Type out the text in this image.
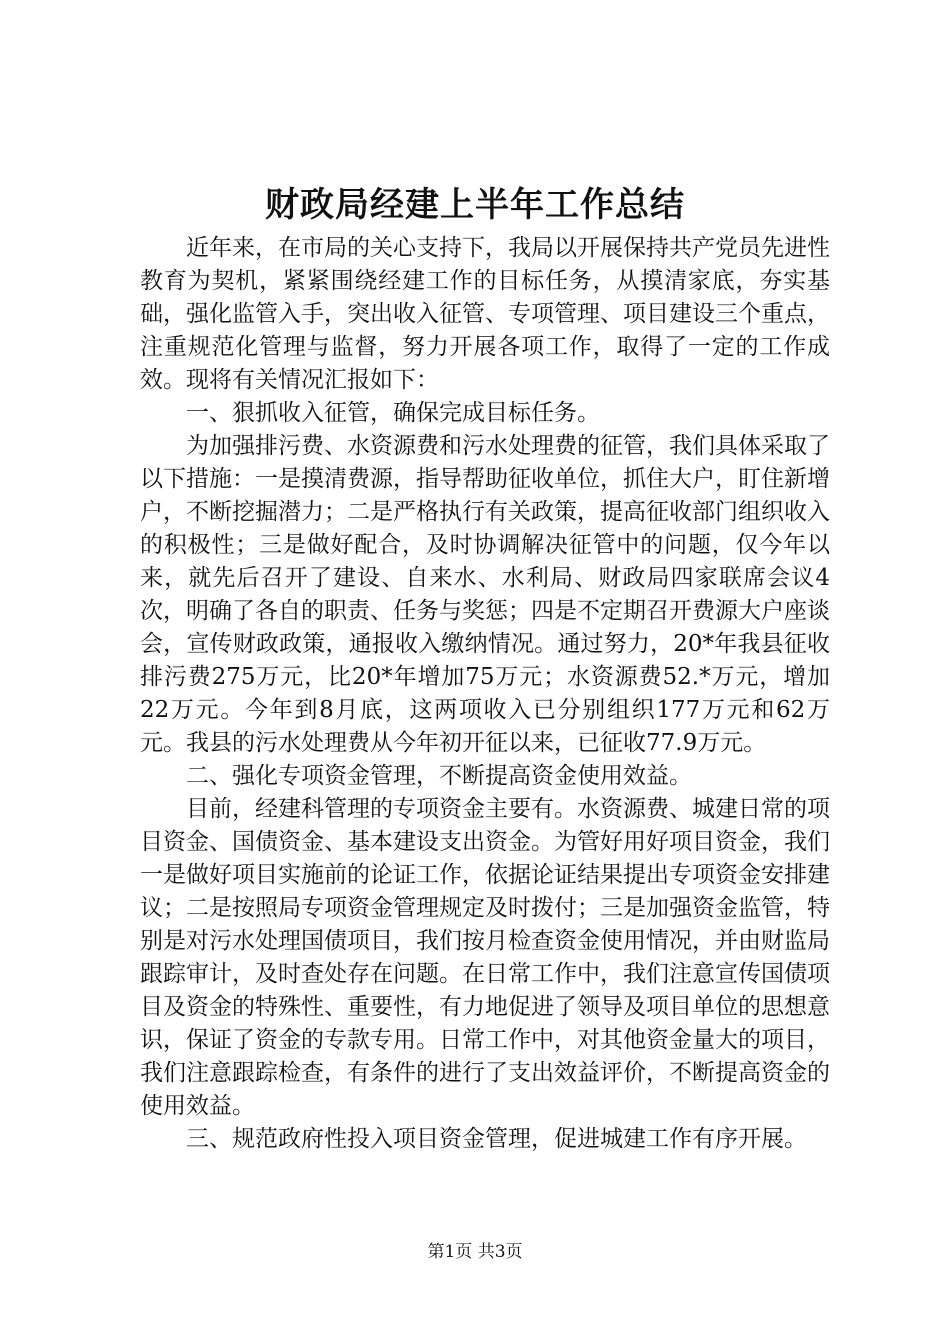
财政局经建上半年工作总结

近年来，在市局的关心支持下，我局以开展保持共产党员先进性教育为契机，紧紧围绕经建工作的目标任务，从摸清家底，夯实基础，强化监管入手，突出收入征管、专项管理、项目建设三个重点，注重规范化管理与监督，努力开展各项工作，取得了一定的工作成效。现将有关情况汇报如下：

一、狠抓收入征管，确保完成目标任务。

为加强排污费、水资源费和污水处理费的征管，我们具体采取了以下措施：一是摸清费源，指导帮助征收单位，抓住大户，盯住新增户，不断挖掘潜力；二是严格执行有关政策，提高征收部门组织收入的积极性；三是做好配合，及时协调解决征管中的问题，仅今年以来，就先后召开了建设、自来水、水利局、财政局四家联席会议4次，明确了各自的职责、任务与奖惩；四是不定期召开费源大户座谈会，宣传财政政策，通报收入缴纳情况。通过努力，20*年我县征收排污费275万元，比20*年增加75万元；水资源费52.*万元，增加22万元。今年到8月底，这两项收入已分别组织177万元和62万元。我县的污水处理费从今年初开征以来，已征收77.9万元。

二、强化专项资金管理，不断提高资金使用效益。

目前，经建科管理的专项资金主要有。水资源费、城建日常的项目资金、国债资金、基本建设支出资金。为管好用好项目资金，我们一是做好项目实施前的论证工作，依据论证结果提出专项资金安排建议；二是按照局专项资金管理规定及时拨付；三是加强资金监管，特别是对污水处理国债项目，我们按月检查资金使用情况，并由财监局跟踪审计，及时查处存在问题。在日常工作中，我们注意宣传国债项目及资金的特殊性、重要性，有力地促进了领导及项目单位的思想意识，保证了资金的专款专用。日常工作中，对其他资金量大的项目，我们注意跟踪检查，有条件的进行了支出效益评价，不断提高资金的使用效益。

三、规范政府性投入项目资金管理，促进城建工作有序开展。

第1页 共3页
